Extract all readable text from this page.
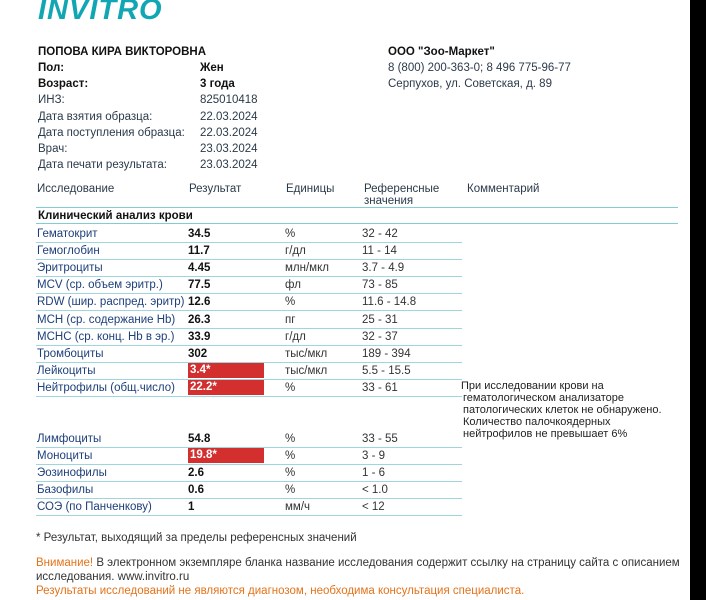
INVITRO
ПОПОВА КИРА ВИКТОРОВНА
Пол:	Жен
Возраст:	3 года
ИНЗ:	825010418
Дата взятия образца:	22.03.2024
Дата поступления образца: 22.03.2024
Врач:	23.03.2024
Дата печати результата:	23.03.2024
ООО "Зоо-Маркет"
8 (800) 200-363-0; 8 496 775-96-77
Серпухов, ул. Советская, д. 89
Исследование	Результат	Единицы	Референсные
значения
Комментарий
Клинический анализ крови
Гематокрит	34.5	%	32 - 42
Гемоглобин	11.7	г/дл	11 - 14
Эритроциты	4.45	млн/мкл	3.7 - 4.9
MCV (ср. объем эритр.) 77.5	фл	73 - 85
RDW (шир. распред. эритр) 12.6	%	11.6 - 14.8
MCH (ср. содержание Hb) 26.3	пг	25 - 31
MCHC (ср. конц. Hb в эр.) 33.9	г/дл	32 - 37
Тромбоциты	302	тыс/мкл	189 - 394
Лейкоциты	3.4*	тыс/мкл	5.5 - 15.5
Нейтрофилы (общ.число) 22.2*	%	33 - 61
Лимфоциты	54.8	%	33 - 55
Моноциты	19.8*	%	3 - 9
Эозинофилы	2.6	%	1 - 6
Базофилы	0.6	%	< 1.0
СОЭ (по Панченкову)	1	мм/ч	< 12
При исследовании крови на
гематологическом анализаторе
патологических клеток не обнаружено.
Количество палочкоядерных
нейтрофилов не превышает 6%
* Результат, выходящий за пределы референсных значений
Внимание! В электронном экземпляре бланка название исследования содержит ссылку на страницу сайта с описанием
исследования. www.invitro.ru
Результаты исследований не являются диагнозом, необходима консультация специалиста.
